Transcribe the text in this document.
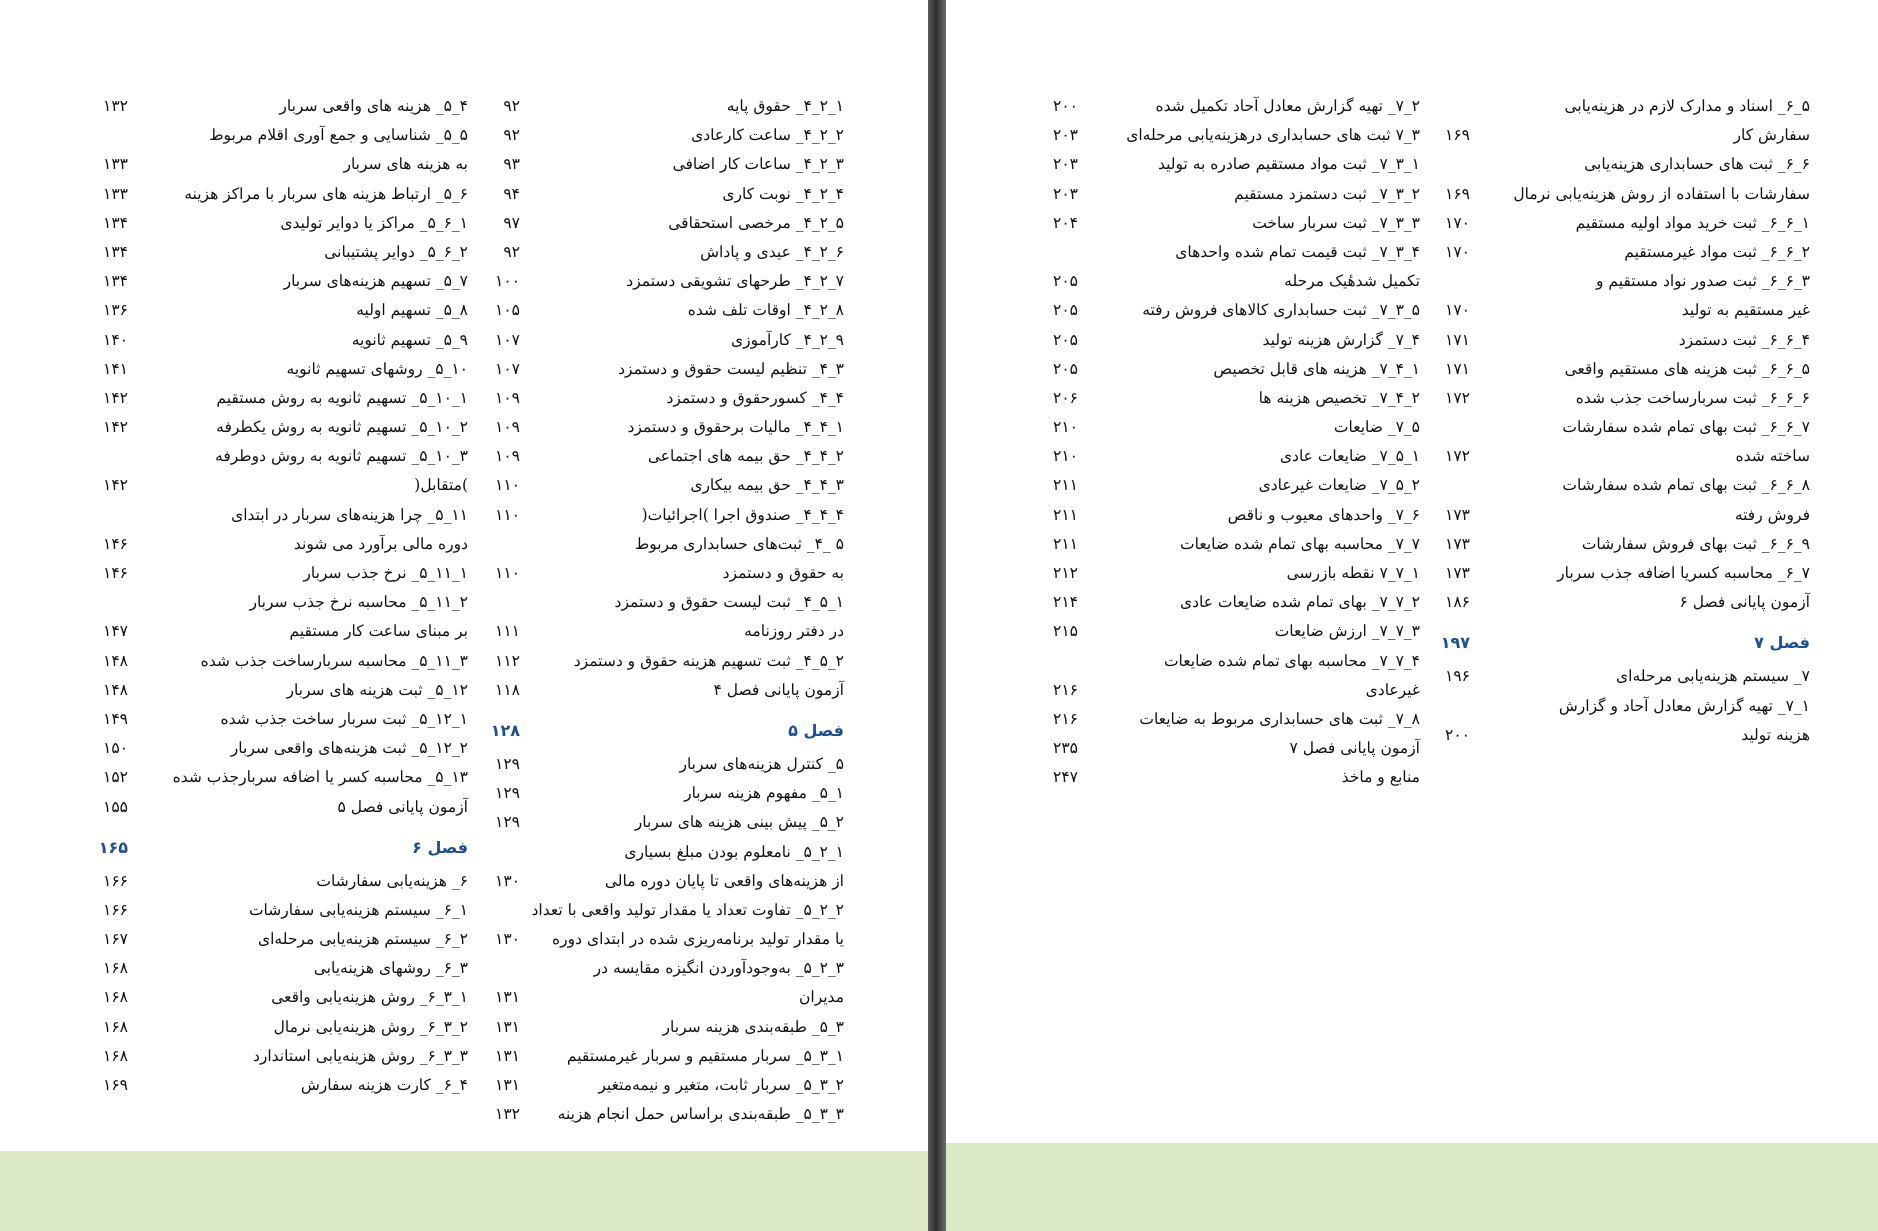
۱_۲_۴_ حقوق پایه
۹۲
۲_۲_۴_ ساعت کارعادی
۹۲
۳_۲_۴_ ساعات کار اضافی
۹۳
۴_۲_۴_ نوبت کاری
۹۴
۵_۲_۴_ مرخصی استحقاقی
۹۷
۶_۲_۴_ عیدی و پاداش
۹۲
۷_۲_۴_ طرحهای تشویقی دستمزد
۱۰۰
۸_۲_۴_ اوقات تلف شده
۱۰۵
۹_۲_۴_ کارآموزی
۱۰۷
۳_۴_ تنظیم لیست حقوق و دستمزد
۱۰۷
۴_۴_ کسورحقوق و دستمزد
۱۰۹
۱_۴_۴_ مالیات برحقوق و دستمزد
۱۰۹
۲_۴_۴_ حق بیمه های اجتماعی
۱۰۹
۳_۴_۴_ حق بیمه بیکاری
۱۱۰
۴_۴_۴_ صندوق اجرا )اجرائیات(
۱۱۰
۵ _۴_ ثبت‌های حسابداری مربوط
به حقوق و دستمزد
۱۱۰
۱_۵_۴_ ثبت لیست حقوق و دستمزد
در دفتر روزنامه
۱۱۱
۲_۵_۴_ ثبت تسهیم هزینه حقوق و دستمزد
۱۱۲
آزمون پایانی فصل ۴
۱۱۸
فصل ۵
۱۲۸
۵_ کنترل هزینه‌های سربار
۱۲۹
۱_۵_ مفهوم هزینه سربار
۱۲۹
۲_۵_ پیش بینی هزینه های سربار
۱۲۹
۱_۲_۵_ نامعلوم بودن مبلغ بسیاری
از هزینه‌های واقعی تا پایان دوره مالی
۱۳۰
۲_۲_۵_ تفاوت تعداد یا مقدار تولید واقعی با تعداد
یا مقدار تولید برنامه‌ریزی شده در ابتدای دوره
۱۳۰
۳_۲_۵_ به‌وجودآوردن انگیزه مقایسه در
مدیران
۱۳۱
۳_۵_ طبقه‌بندی هزینه سربار
۱۳۱
۱_۳_۵_ سربار مستقیم و سربار غیرمستقیم
۱۳۱
۲_۳_۵_ سربار ثابت، متغیر و نیمه‌متغیر
۱۳۱
۳_۳_۵_ طبقه‌بندی براساس حمل انجام هزینه
۱۳۲
۴_۵_ هزینه های واقعی سربار
۱۳۲
۵_۵_ شناسایی و جمع آوری اقلام مربوط
به هزینه های سربار
۱۳۳
۶_۵_ ارتباط هزینه های سربار با مراکز هزینه
۱۳۳
۱_۶_۵_ مراکز یا دوایر تولیدی
۱۳۴
۲_۶_۵_ دوایر پشتیبانی
۱۳۴
۷_۵_ تسهیم هزینه‌های سربار
۱۳۴
۸_۵_ تسهیم اولیه
۱۳۶
۹_۵_ تسهیم ثانویه
۱۴۰
۱۰_۵_ روشهای تسهیم ثانویه
۱۴۱
۱_۱۰_۵_ تسهیم ثانویه به روش مستقیم
۱۴۲
۲_۱۰_۵_ تسهیم ثانویه به روش یکطرفه
۱۴۲
۳_۱۰_۵_ تسهیم ثانویه به روش دوطرفه
)متقابل(
۱۴۲
۱۱_۵_ چرا هزینه‌های سربار در ابتدای
دوره مالی برآورد می شوند
۱۴۶
۱_۱۱_۵_ نرخ جذب سربار
۱۴۶
۲_۱۱_۵_ محاسبه نرخ جذب سربار
بر مبنای ساعت کار مستقیم
۱۴۷
۳_۱۱_۵_ محاسبه سربارساخت جذب شده
۱۴۸
۱۲_۵_ ثبت هزینه های سربار
۱۴۸
۱_۱۲_۵_ ثبت سربار ساخت جذب شده
۱۴۹
۲_۱۲_۵_ ثبت هزینه‌های واقعی سربار
۱۵۰
۱۳_۵_ محاسبه کسر یا اضافه سربارجذب شده
۱۵۲
آزمون پایانی فصل ۵
۱۵۵
فصل ۶
۱۶۵
۶_ هزینه‌یابی سفارشات
۱۶۶
۱_۶_ سیستم هزینه‌یابی سفارشات
۱۶۶
۲_۶_ سیستم هزینه‌یابی مرحله‌ای
۱۶۷
۳_۶_ روشهای هزینه‌یابی
۱۶۸
۱_۳_۶_ روش هزینه‌یابی واقعی
۱۶۸
۲_۳_۶_ روش هزینه‌یابی نرمال
۱۶۸
۳_۳_۶_ روش هزینه‌یابی استاندارد
۱۶۸
۴_۶_ کارت هزینه سفارش
۱۶۹
۵_۶_ اسناد و مدارک لازم در هزینه‌یابی
سفارش کار
۱۶۹
۶_۶_ ثبت های حسابداری هزینه‌یابی
سفارشات با استفاده از روش هزینه‌یابی نرمال
۱۶۹
۱_۶_۶_ ثبت خرید مواد اولیه مستقیم
۱۷۰
۲_۶_۶_ ثبت مواد غیرمستقیم
۱۷۰
۳_۶_۶_ ثبت صدور نواد مستقیم و
غیر مستقیم به تولید
۱۷۰
۴_۶_۶_ ثبت دستمزد
۱۷۱
۵_۶_۶_ ثبت هزینه های مستقیم واقعی
۱۷۱
۶_۶_۶_ ثبت سربارساخت جذب شده
۱۷۲
۷_۶_۶_ ثبت بهای تمام شده سفارشات
ساخته شده
۱۷۲
۸_۶_۶_ ثبت بهای تمام شده سفارشات
فروش رفته
۱۷۳
۹_۶_۶_ ثبت بهای فروش سفارشات
۱۷۳
۷_۶_ محاسبه کسریا اضافه جذب سربار
۱۷۳
آزمون پایانی فصل ۶
۱۸۶
فصل ۷
۱۹۷
۷_ سیستم هزینه‌یابی مرحله‌ای
۱۹۶
۱_۷_ تهیه گزارش معادل آحاد و گزارش
هزینه تولید
۲۰۰
۲_۷_ تهیه گزارش معادل آحاد تکمیل شده
۲۰۰
۳_۷ ثبت های حسابداری درهزینه‌یابی مرحله‌ای
۲۰۳
۱_۳_۷_ ثبت مواد مستقیم صادره به تولید
۲۰۳
۲_۳_۷_ ثبت دستمزد مستقیم
۲۰۳
۳_۳_۷_ ثبت سربار ساخت
۲۰۴
۴_۳_۷_ ثبت قیمت تمام شده واحدهای
تکمیل شدهٔیک مرحله
۲۰۵
۵_۳_۷_ ثبت حسابداری کالاهای فروش رفته
۲۰۵
۴_۷_ گزارش هزینه تولید
۲۰۵
۱_۴_۷_ هزینه های قابل تخصیص
۲۰۵
۲_۴_۷_ تخصیص هزینه ها
۲۰۶
۵_۷_ ضایعات
۲۱۰
۱_۵_۷_ ضایعات عادی
۲۱۰
۲_۵_۷_ ضایعات غیرعادی
۲۱۱
۶_۷_ واحدهای معیوب و ناقص
۲۱۱
۷_۷_ محاسبه بهای تمام شده ضایعات
۲۱۱
۱_۷_۷ نقطه بازرسی
۲۱۲
۲_۷_۷_ بهای تمام شده ضایعات عادی
۲۱۴
۳_۷_۷_ ارزش ضایعات
۲۱۵
۴_۷_۷_ محاسبه بهای تمام شده ضایعات
غیرعادی
۲۱۶
۸_۷_ ثبت های حسابداری مربوط به ضایعات
۲۱۶
آزمون پایانی فصل ۷
۲۳۵
منابع و ماخذ
۲۴۷
